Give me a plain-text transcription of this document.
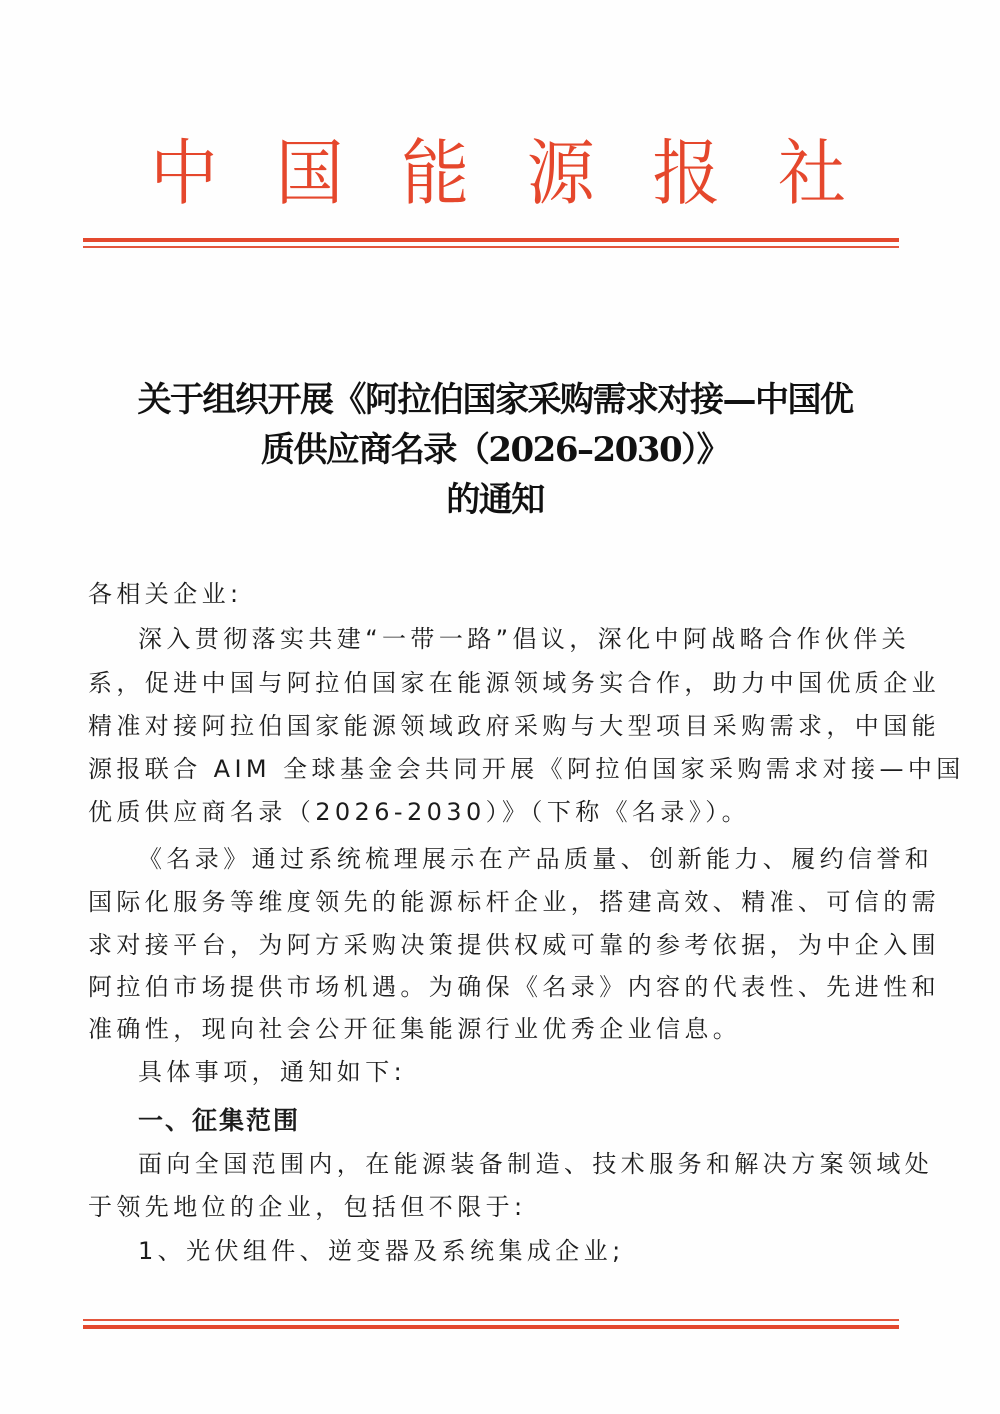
中 国 能 源 报 社
关于组织开展《阿拉伯国家采购需求对接—中国优
质供应商名录（2026–2030）》
的通知
各相关企业:
深入贯彻落实共建“一带一路”倡议，深化中阿战略合作伙伴关
系，促进中国与阿拉伯国家在能源领域务实合作，助力中国优质企业
精准对接阿拉伯国家能源领域政府采购与大型项目采购需求，中国能
源报联合 AIM 全球基金会共同开展《阿拉伯国家采购需求对接—中国
优质供应商名录（2026-2030）》（下称《名录》）。
《名录》通过系统梳理展示在产品质量、创新能力、履约信誉和
国际化服务等维度领先的能源标杆企业，搭建高效、精准、可信的需
求对接平台，为阿方采购决策提供权威可靠的参考依据，为中企入围
阿拉伯市场提供市场机遇。为确保《名录》内容的代表性、先进性和
准确性，现向社会公开征集能源行业优秀企业信息。
具体事项，通知如下:
一、征集范围
面向全国范围内，在能源装备制造、技术服务和解决方案领域处
于领先地位的企业，包括但不限于:
1、光伏组件、逆变器及系统集成企业;
